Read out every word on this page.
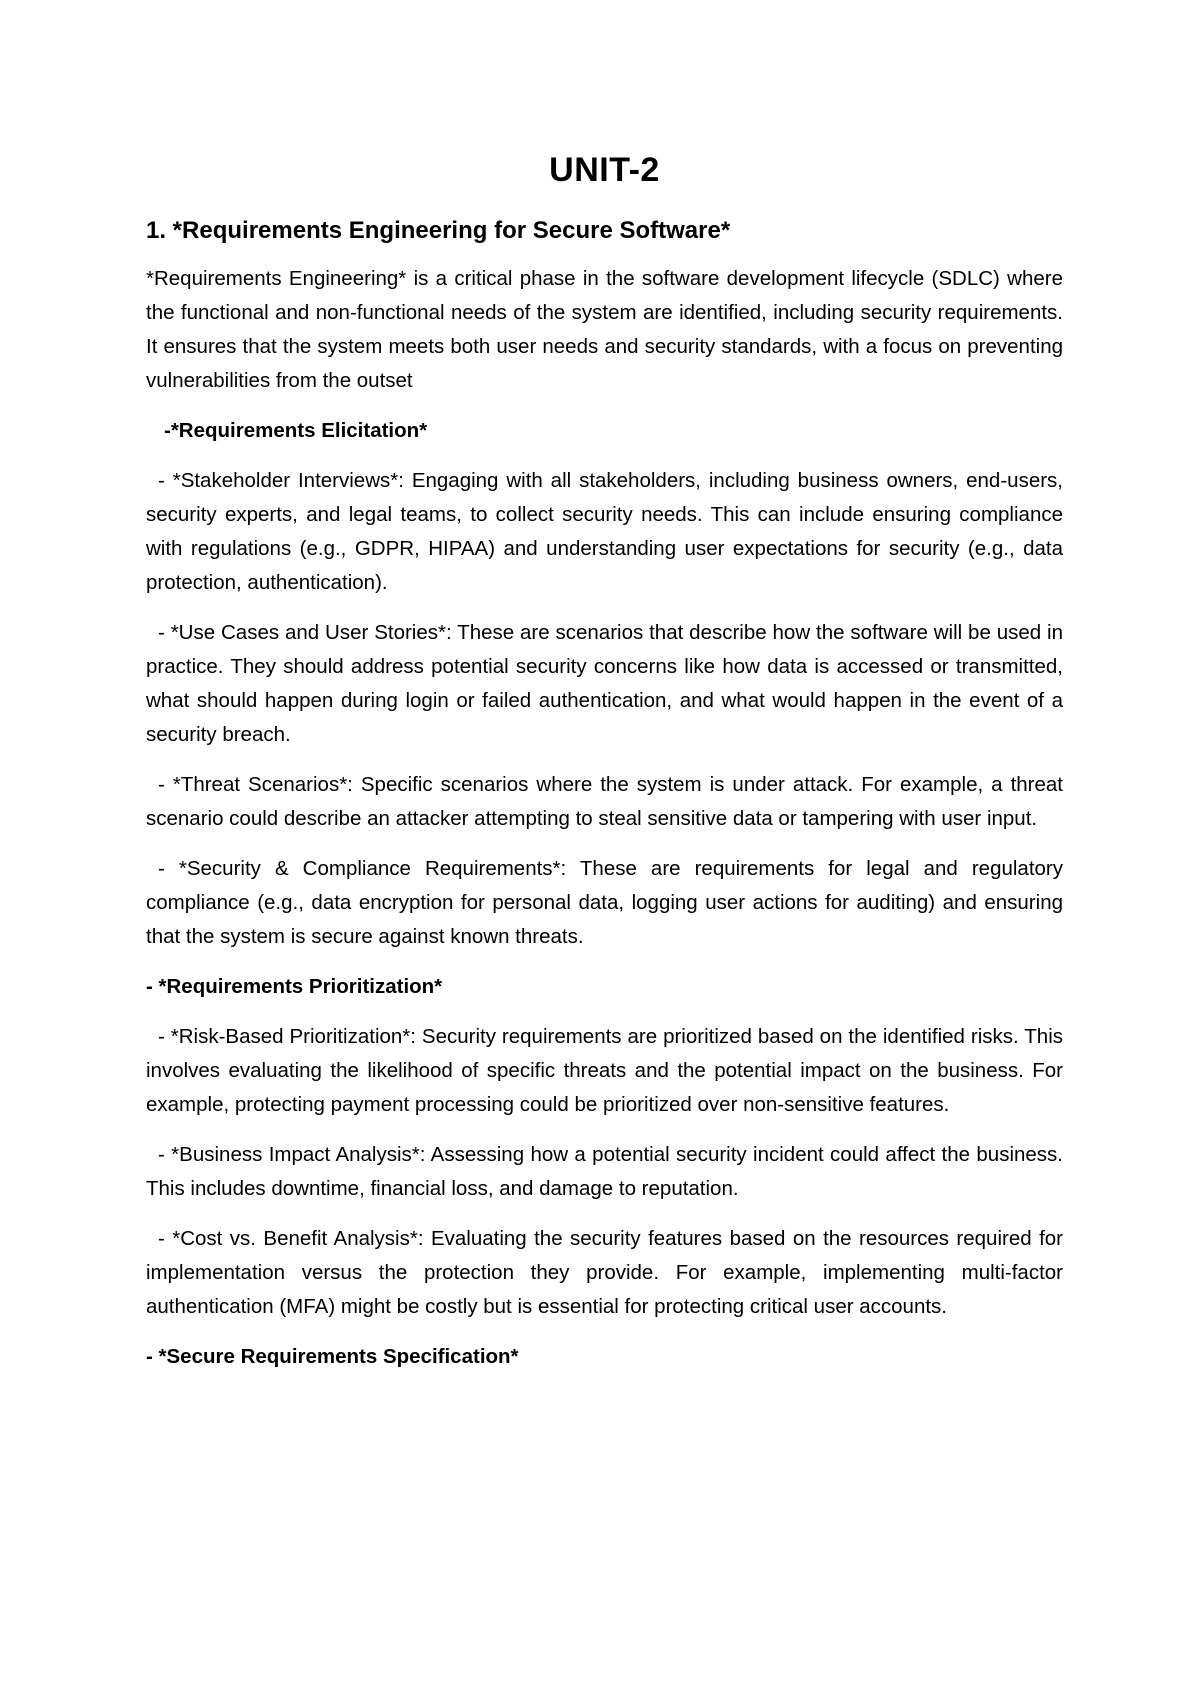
UNIT-2
1. *Requirements Engineering for Secure Software*

*Requirements Engineering* is a critical phase in the software development lifecycle (SDLC) where the functional and non-functional needs of the system are identified, including security requirements. It ensures that the system meets both user needs and security standards, with a focus on preventing vulnerabilities from the outset

-*Requirements Elicitation*

- *Stakeholder Interviews*: Engaging with all stakeholders, including business owners, end-users, security experts, and legal teams, to collect security needs. This can include ensuring compliance with regulations (e.g., GDPR, HIPAA) and understanding user expectations for security (e.g., data protection, authentication).

- *Use Cases and User Stories*: These are scenarios that describe how the software will be used in practice. They should address potential security concerns like how data is accessed or transmitted, what should happen during login or failed authentication, and what would happen in the event of a security breach.

- *Threat Scenarios*: Specific scenarios where the system is under attack. For example, a threat scenario could describe an attacker attempting to steal sensitive data or tampering with user input.

- *Security & Compliance Requirements*: These are requirements for legal and regulatory compliance (e.g., data encryption for personal data, logging user actions for auditing) and ensuring that the system is secure against known threats.

- *Requirements Prioritization*

- *Risk-Based Prioritization*: Security requirements are prioritized based on the identified risks. This involves evaluating the likelihood of specific threats and the potential impact on the business. For example, protecting payment processing could be prioritized over non-sensitive features.

- *Business Impact Analysis*: Assessing how a potential security incident could affect the business. This includes downtime, financial loss, and damage to reputation.

- *Cost vs. Benefit Analysis*: Evaluating the security features based on the resources required for implementation versus the protection they provide. For example, implementing multi-factor authentication (MFA) might be costly but is essential for protecting critical user accounts.

- *Secure Requirements Specification*
